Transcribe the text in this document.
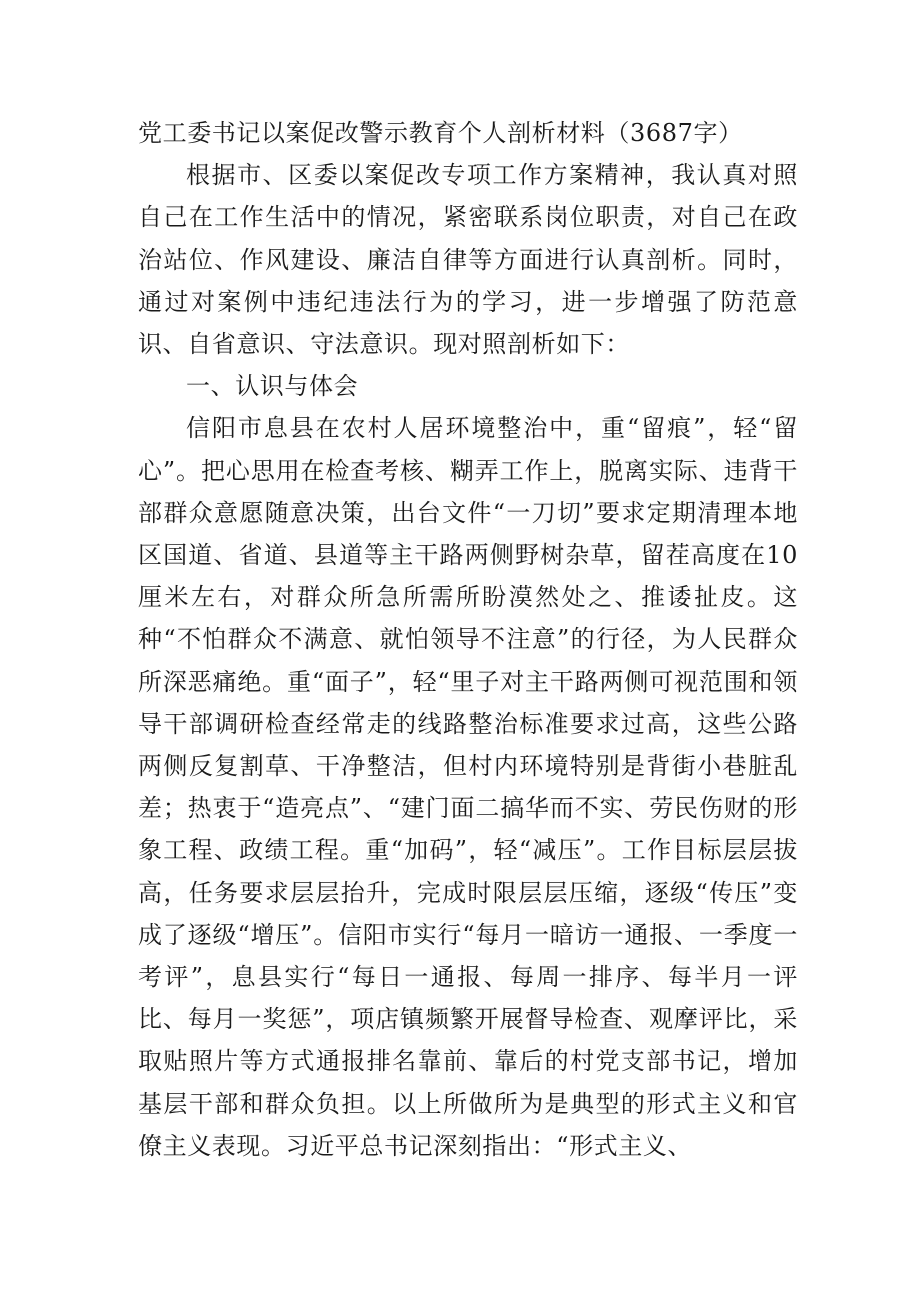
党工委书记以案促改警示教育个人剖析材料（3687字）

根据市、区委以案促改专项工作方案精神，我认真对照自己在工作生活中的情况，紧密联系岗位职责，对自己在政治站位、作风建设、廉洁自律等方面进行认真剖析。同时，通过对案例中违纪违法行为的学习，进一步增强了防范意识、自省意识、守法意识。现对照剖析如下：

一、认识与体会

信阳市息县在农村人居环境整治中，重“留痕”，轻“留心”。把心思用在检查考核、糊弄工作上，脱离实际、违背干部群众意愿随意决策，出台文件“一刀切”要求定期清理本地区国道、省道、县道等主干路两侧野树杂草，留茬高度在10厘米左右，对群众所急所需所盼漠然处之、推诿扯皮。这种“不怕群众不满意、就怕领导不注意”的行径，为人民群众所深恶痛绝。重“面子”，轻“里子对主干路两侧可视范围和领导干部调研检查经常走的线路整治标准要求过高，这些公路两侧反复割草、干净整洁，但村内环境特别是背街小巷脏乱差；热衷于“造亮点”、“建门面二搞华而不实、劳民伤财的形象工程、政绩工程。重“加码”，轻“减压”。工作目标层层拔高，任务要求层层抬升，完成时限层层压缩，逐级“传压”变成了逐级“增压”。信阳市实行“每月一暗访一通报、一季度一考评”，息县实行“每日一通报、每周一排序、每半月一评比、每月一奖惩”，项店镇频繁开展督导检查、观摩评比，采取贴照片等方式通报排名靠前、靠后的村党支部书记，增加基层干部和群众负担。以上所做所为是典型的形式主义和官僚主义表现。习近平总书记深刻指出：“形式主义、
